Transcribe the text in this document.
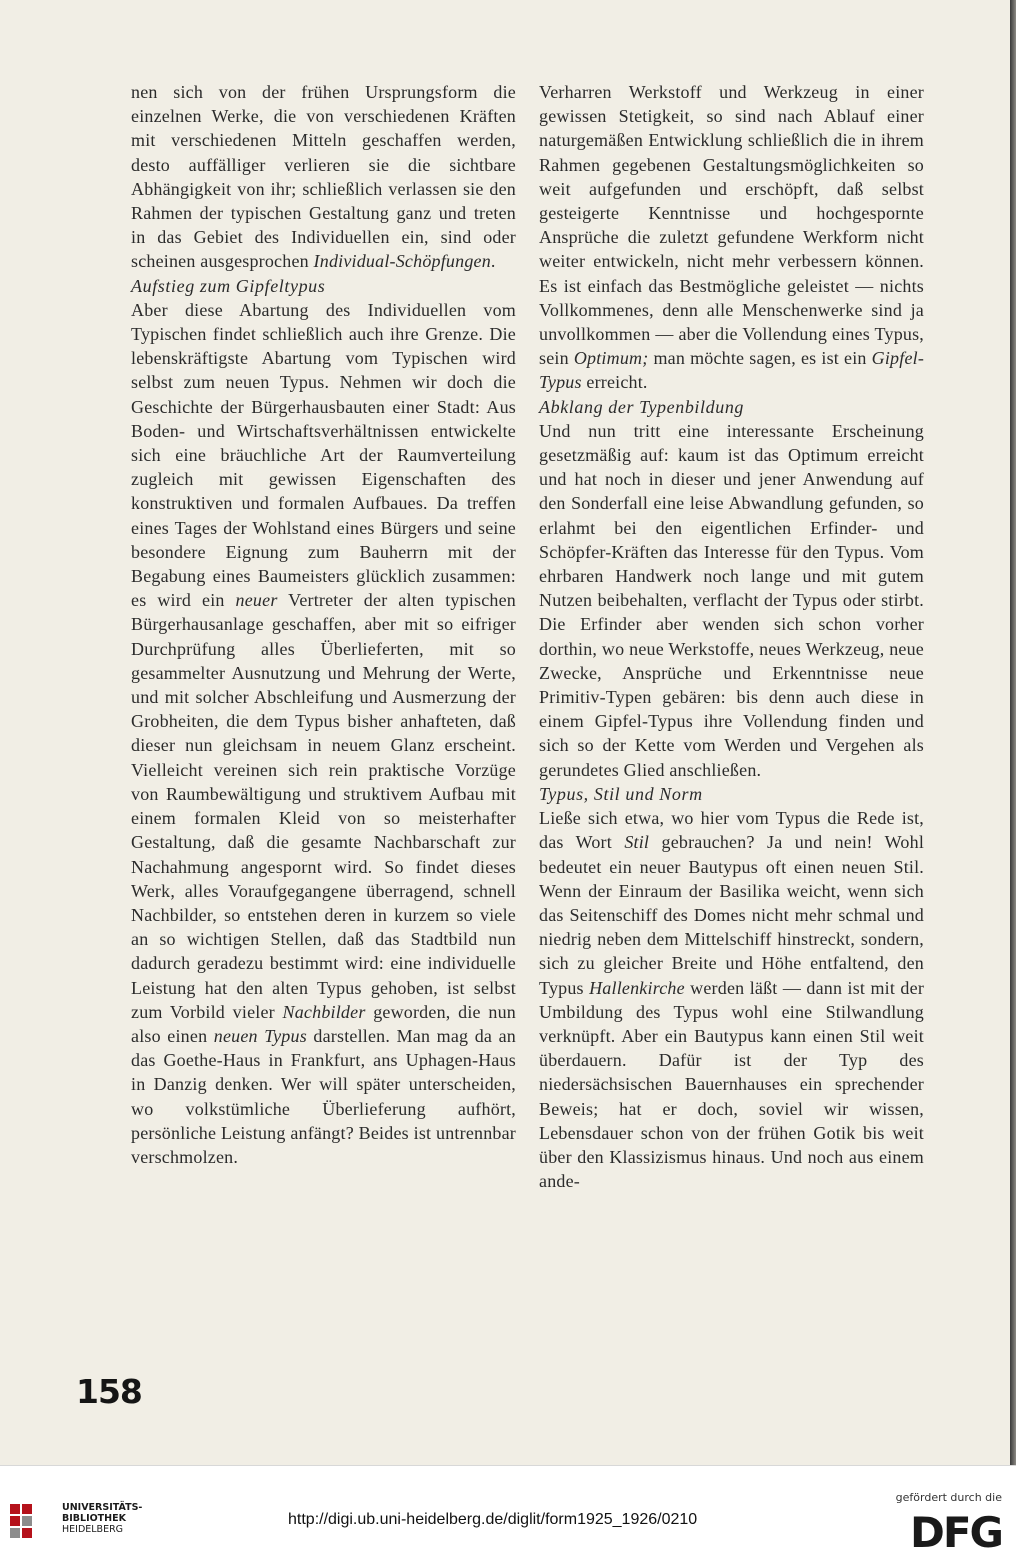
nen sich von der frühen Ursprungsform die einzelnen Werke, die von verschiedenen Kräften mit verschiedenen Mitteln geschaffen werden, desto auffälliger verlieren sie die sichtbare Abhängigkeit von ihr; schließlich verlassen sie den Rahmen der typischen Gestaltung ganz und treten in das Gebiet des Individuellen ein, sind oder scheinen ausgesprochen Individual-Schöpfungen.

Aufstieg zum Gipfeltypus

Aber diese Abartung des Individuellen vom Typischen findet schließlich auch ihre Grenze. Die lebenskräftigste Abartung vom Typischen wird selbst zum neuen Typus. Nehmen wir doch die Geschichte der Bürgerhausbauten einer Stadt: Aus Boden- und Wirtschaftsverhältnissen entwickelte sich eine bräuchliche Art der Raumverteilung zugleich mit gewissen Eigenschaften des konstruktiven und formalen Aufbaues. Da treffen eines Tages der Wohlstand eines Bürgers und seine besondere Eignung zum Bauherrn mit der Begabung eines Baumeisters glücklich zusammen: es wird ein neuer Vertreter der alten typischen Bürgerhausanlage geschaffen, aber mit so eifriger Durchprüfung alles Überlieferten, mit so gesammelter Ausnutzung und Mehrung der Werte, und mit solcher Abschleifung und Ausmerzung der Grobheiten, die dem Typus bisher anhafteten, daß dieser nun gleichsam in neuem Glanz erscheint. Vielleicht vereinen sich rein praktische Vorzüge von Raumbewältigung und struktivem Aufbau mit einem formalen Kleid von so meisterhafter Gestaltung, daß die gesamte Nachbarschaft zur Nachahmung angespornt wird. So findet dieses Werk, alles Voraufgegangene überragend, schnell Nachbilder, so entstehen deren in kurzem so viele an so wichtigen Stellen, daß das Stadtbild nun dadurch geradezu bestimmt wird: eine individuelle Leistung hat den alten Typus gehoben, ist selbst zum Vorbild vieler Nachbilder geworden, die nun also einen neuen Typus darstellen. Man mag da an das Goethe-Haus in Frankfurt, ans Uphagen-Haus in Danzig denken. Wer will später unterscheiden, wo volkstümliche Überlieferung aufhört, persönliche Leistung anfängt? Beides ist untrennbar verschmolzen.

Verharren Werkstoff und Werkzeug in einer gewissen Stetigkeit, so sind nach Ablauf einer naturgemäßen Entwicklung schließlich die in ihrem Rahmen gegebenen Gestaltungsmöglichkeiten so weit aufgefunden und erschöpft, daß selbst gesteigerte Kenntnisse und hochgespornte Ansprüche die zuletzt gefundene Werkform nicht weiter entwickeln, nicht mehr verbessern können. Es ist einfach das Bestmögliche geleistet — nichts Vollkommenes, denn alle Menschenwerke sind ja unvollkommen — aber die Vollendung eines Typus, sein Optimum; man möchte sagen, es ist ein Gipfel-Typus erreicht.

Abklang der Typenbildung

Und nun tritt eine interessante Erscheinung gesetzmäßig auf: kaum ist das Optimum erreicht und hat noch in dieser und jener Anwendung auf den Sonderfall eine leise Abwandlung gefunden, so erlahmt bei den eigentlichen Erfinder- und Schöpfer-Kräften das Interesse für den Typus. Vom ehrbaren Handwerk noch lange und mit gutem Nutzen beibehalten, verflacht der Typus oder stirbt. Die Erfinder aber wenden sich schon vorher dorthin, wo neue Werkstoffe, neues Werkzeug, neue Zwecke, Ansprüche und Erkenntnisse neue Primitiv-Typen gebären: bis denn auch diese in einem Gipfel-Typus ihre Vollendung finden und sich so der Kette vom Werden und Vergehen als gerundetes Glied anschließen.

Typus, Stil und Norm

Ließe sich etwa, wo hier vom Typus die Rede ist, das Wort Stil gebrauchen? Ja und nein! Wohl bedeutet ein neuer Bautypus oft einen neuen Stil. Wenn der Einraum der Basilika weicht, wenn sich das Seitenschiff des Domes nicht mehr schmal und niedrig neben dem Mittelschiff hinstreckt, sondern, sich zu gleicher Breite und Höhe entfaltend, den Typus Hallenkirche werden läßt — dann ist mit der Umbildung des Typus wohl eine Stilwandlung verknüpft. Aber ein Bautypus kann einen Stil weit überdauern. Dafür ist der Typ des niedersächsischen Bauernhauses ein sprechender Beweis; hat er doch, soviel wir wissen, Lebensdauer schon von der frühen Gotik bis weit über den Klassizismus hinaus. Und noch aus einem ande-

158
UNIVERSITÄTS-
BIBLIOTHEK
HEIDELBERG
http://digi.ub.uni-heidelberg.de/diglit/form1925_1926/0210
gefördert durch die
DFG
